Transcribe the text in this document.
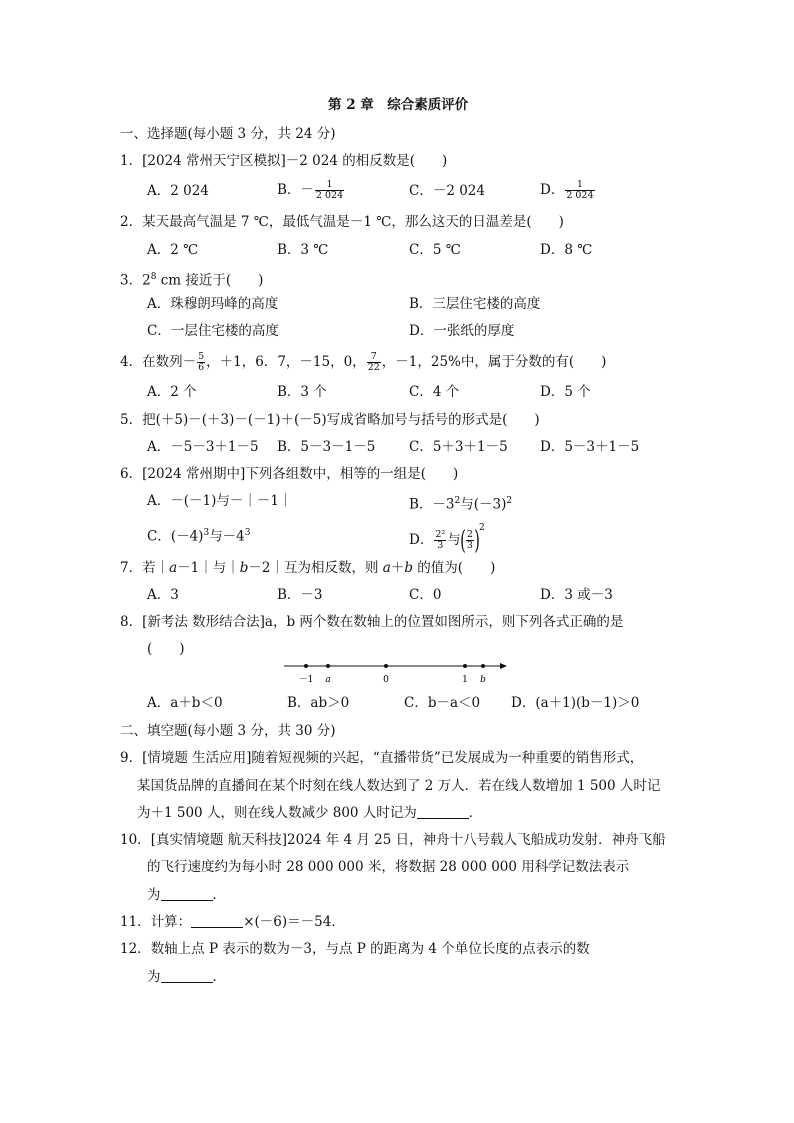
第 2 章　综合素质评价
一、选择题(每小题 3 分，共 24 分)
1．[2024 常州天宁区模拟]－2 024 的相反数是(　　)
A．2 024	B．－ $\frac{1}{2 024}$	C．－2 024	D． $\frac{1}{2 024}$
2．某天最高气温是 7 ℃，最低气温是－1 ℃，那么这天的日温差是(　　)
A．2 ℃	B．3 ℃	C．5 ℃	D．8 ℃
3．$2^8$ cm 接近于(　　)
A．珠穆朗玛峰的高度	B．三层住宅楼的高度
C．一层住宅楼的高度	D．一张纸的厚度
4．在数列－ $\frac{5}{6}$ ，＋1，6．7，－15，0， $\frac{7}{22}$ ，－1，25%中，属于分数的有(　　)
A．2 个	B．3 个	C．4 个	D．5 个
5．把(＋5)－(＋3)－(－1)＋(－5)写成省略加号与括号的形式是(　　)
A．－5－3＋1－5 B．5－3－1－5 C．5＋3＋1－5 D．5－3＋1－5
6．[2024 常州期中]下列各组数中，相等的一组是(　　)
A．－(－1)与－｜－1｜	B．$-3^2$与$(-3)^2$
C．$(-4)^3$与$-4^3$	D． $\frac{\text{2²}}{3}$ 与( $\frac{2}{3} )^2$
7．若｜a－1｜与｜b－2｜互为相反数，则 a＋b 的值为(　　)
A．3	B．－3	C．0	D．3 或－3
8．[新考法 数形结合法]a，b 两个数在数轴上的位置如图所示，则下列各式正确的是
(　　)
－1 a	0	1 b
A．a＋b＜0	B．ab＞0	C．b－a＜0 D．(a＋1)(b－1)＞0
二、填空题(每小题 3 分，共 30 分)
9．[情境题 生活应用]随着短视频的兴起，“直播带货”已发展成为一种重要的销售形式，
某国货品牌的直播间在某个时刻在线人数达到了 2 万人．若在线人数增加 1 500 人时记
为＋1 500 人，则在线人数减少 800 人时记为	．
10．[真实情境题 航天科技]2024 年 4 月 25 日，神舟十八号载人飞船成功发射．神舟飞船
的飞行速度约为每小时 28 000 000 米，将数据 28 000 000 用科学记数法表示
为	．
11．计算：	×(－6)＝－54．
12．数轴上点 P 表示的数为－3，与点 P 的距离为 4 个单位长度的点表示的数
为	．
